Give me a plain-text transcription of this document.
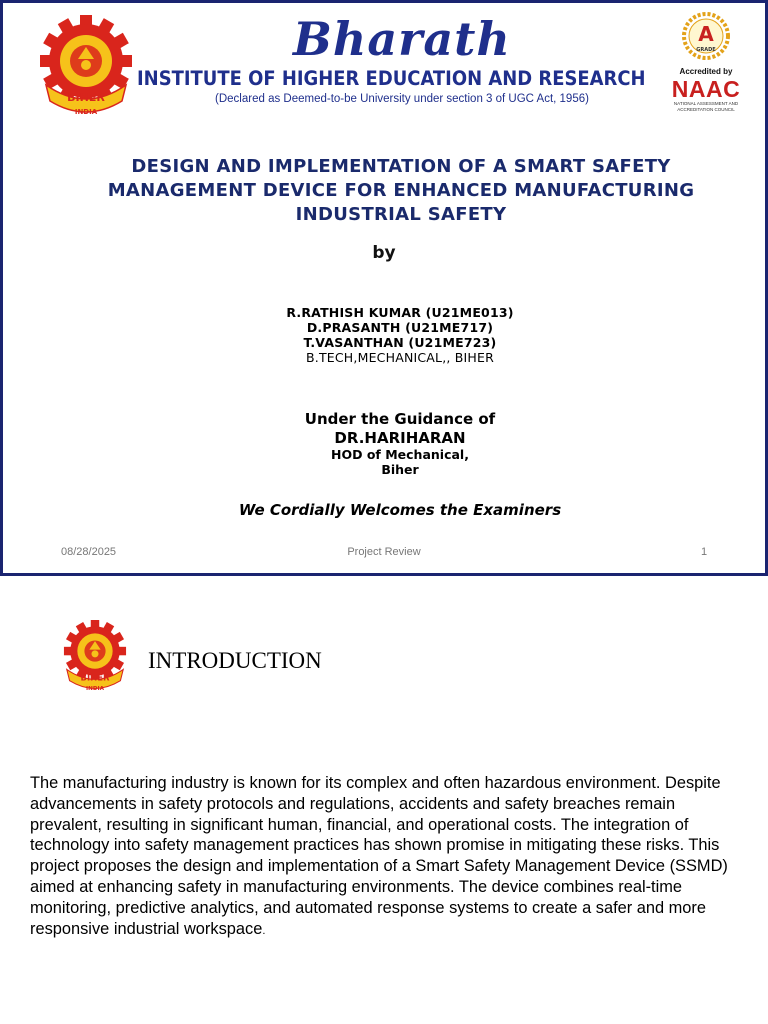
BIHER
INDIA
Bharath
INSTITUTE OF HIGHER EDUCATION AND RESEARCH
(Declared as Deemed-to-be University under section 3 of UGC Act, 1956)
A
GRADE
Accredited by
NAAC
NATIONAL ASSESSMENT AND
ACCREDITATION COUNCIL
DESIGN AND IMPLEMENTATION OF A SMART SAFETY
MANAGEMENT DEVICE FOR ENHANCED MANUFACTURING
INDUSTRIAL SAFETY
by
R.RATHISH KUMAR (U21ME013)
D.PRASANTH (U21ME717)
T.VASANTHAN (U21ME723)
B.TECH,MECHANICAL,, BIHER
Under the Guidance of
DR.HARIHARAN
HOD of Mechanical,
Biher
We Cordially Welcomes the Examiners
08/28/2025	Project Review	1
BIHER
INDIA
INTRODUCTION
The manufacturing industry is known for its complex and often hazardous environment. Despite advancements in safety protocols and regulations, accidents and safety breaches remain prevalent, resulting in significant human, financial, and operational costs. The integration of technology into safety management practices has shown promise in mitigating these risks. This project proposes the design and implementation of a Smart Safety Management Device (SSMD) aimed at enhancing safety in manufacturing environments. The device combines real-time monitoring, predictive analytics, and automated response systems to create a safer and more responsive industrial workspace.
